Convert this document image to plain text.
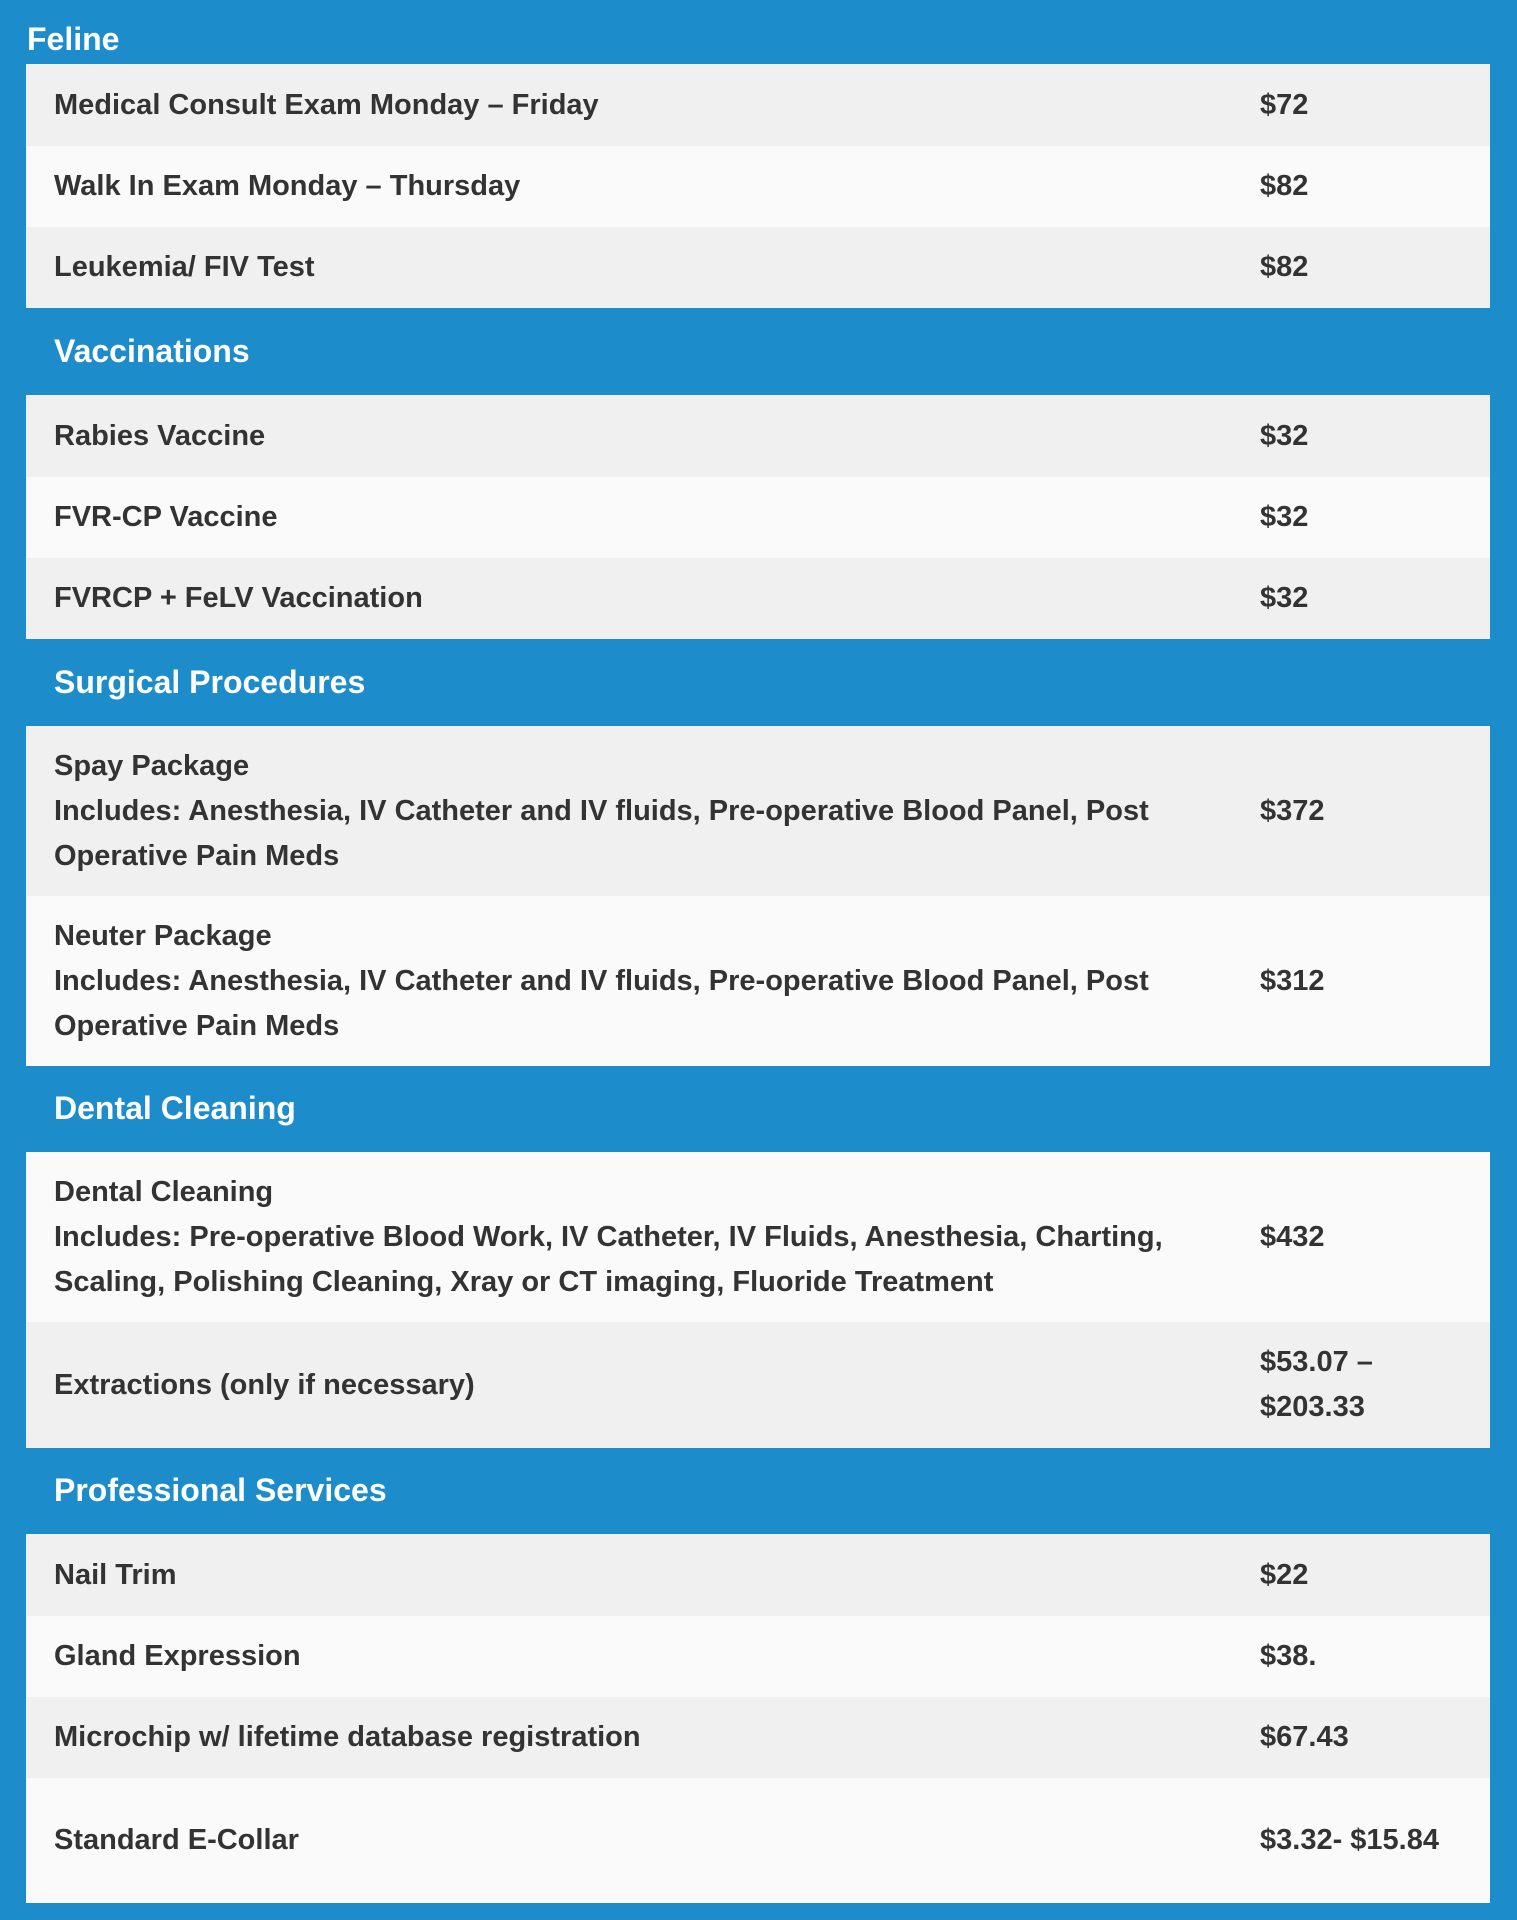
Feline
Medical Consult Exam Monday – Friday	$72
Walk In Exam Monday – Thursday	$82
Leukemia/ FIV Test	$82
Vaccinations
Rabies Vaccine	$32
FVR-CP Vaccine	$32
FVRCP + FeLV Vaccination	$32
Surgical Procedures
Spay Package
Includes: Anesthesia, IV Catheter and IV fluids, Pre-operative Blood Panel, Post Operative Pain Meds
$372
Neuter Package
Includes: Anesthesia, IV Catheter and IV fluids, Pre-operative Blood Panel, Post Operative Pain Meds
$312
Dental Cleaning
Dental Cleaning
Includes: Pre-operative Blood Work, IV Catheter, IV Fluids, Anesthesia, Charting, Scaling, Polishing Cleaning, Xray or CT imaging, Fluoride Treatment
$432
Extractions (only if necessary)
$53.07 – $203.33
Professional Services
Nail Trim	$22
Gland Expression	$38.
Microchip w/ lifetime database registration	$67.43
Standard E-Collar	$3.32- $15.84
